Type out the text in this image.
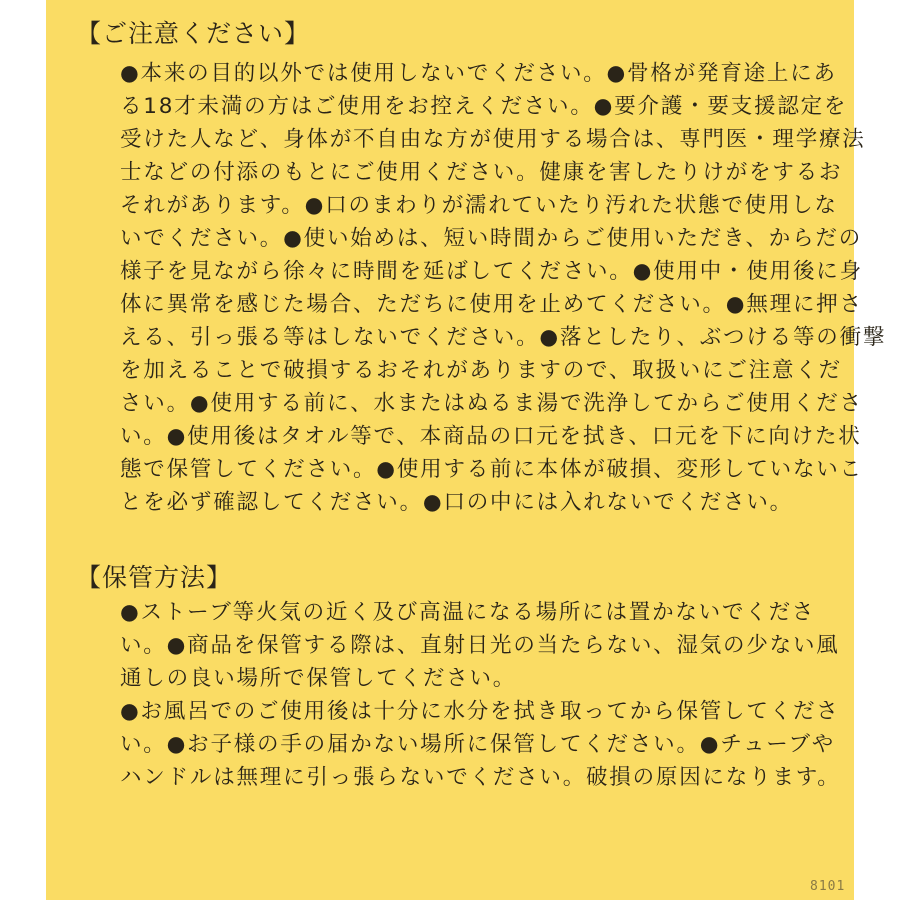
【ご注意ください】
●本来の目的以外では使用しないでください。●骨格が発育途上にあ
る18才未満の方はご使用をお控えください。●要介護・要支援認定を
受けた人など、身体が不自由な方が使用する場合は、専門医・理学療法
士などの付添のもとにご使用ください。健康を害したりけがをするお
それがあります。●口のまわりが濡れていたり汚れた状態で使用しな
いでください。●使い始めは、短い時間からご使用いただき、からだの
様子を見ながら徐々に時間を延ばしてください。●使用中・使用後に身
体に異常を感じた場合、ただちに使用を止めてください。●無理に押さ
える、引っ張る等はしないでください。●落としたり、ぶつける等の衝撃
を加えることで破損するおそれがありますので、取扱いにご注意くだ
さい。●使用する前に、水またはぬるま湯で洗浄してからご使用くださ
い。●使用後はタオル等で、本商品の口元を拭き、口元を下に向けた状
態で保管してください。●使用する前に本体が破損、変形していないこ
とを必ず確認してください。●口の中には入れないでください。
【保管方法】
●ストーブ等火気の近く及び高温になる場所には置かないでくださ
い。●商品を保管する際は、直射日光の当たらない、湿気の少ない風
通しの良い場所で保管してください。
●お風呂でのご使用後は十分に水分を拭き取ってから保管してくださ
い。●お子様の手の届かない場所に保管してください。●チューブや
ハンドルは無理に引っ張らないでください。破損の原因になります。
8101
